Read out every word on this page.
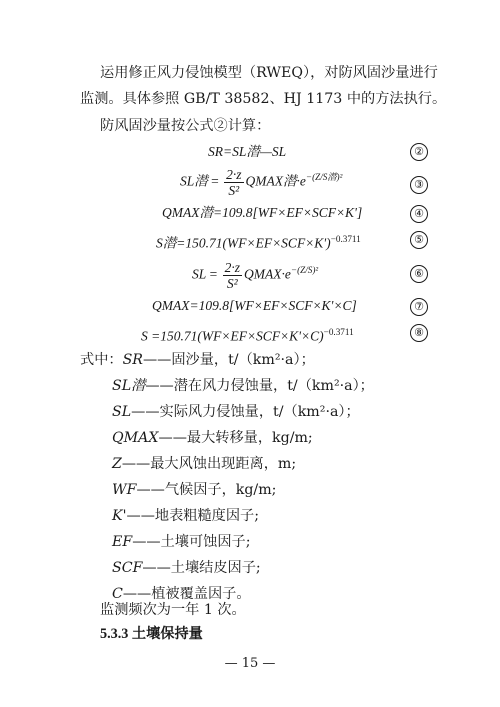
运用修正风力侵蚀模型（RWEQ），对防风固沙量进行
监测。具体参照 GB/T 38582、HJ 1173 中的方法执行。
防风固沙量按公式②计算：
SR=SL潜—SL	②
SL潜 = $\frac{2\cdot z}{\text{S²}}$ QMAX潜$\cdot e^{-(Z/S潜)^2}$
③
QMAX潜=109.8[WF×EF×SCF×K']	④
S潜$=150.71(WF\times EF\times SCF\times K')^{-0.3711}$	⑤
SL = $\frac{2\cdot z}{\text{S²}}$ $QMAX\cdot e^{-(Z/S)^2}$	⑥
QMAX=109.8[WF×EF×SCF×K'×C]	⑦
$S =150.71(WF\times EF\times SCF\times K'\times C)^{-0.3711}$	⑧
式中：SR——固沙量，t/（km²·a）；
SL潜——潜在风力侵蚀量，t/（km²·a）；
SL——实际风力侵蚀量，t/（km²·a）；
QMAX——最大转移量，kg/m;
Z——最大风蚀出现距离，m;
WF——气候因子，kg/m;
K'——地表粗糙度因子;
EF——土壤可蚀因子;
SCF——土壤结皮因子;
C——植被覆盖因子。
监测频次为一年 1 次。
5.3.3 土壤保持量
— 15 —
